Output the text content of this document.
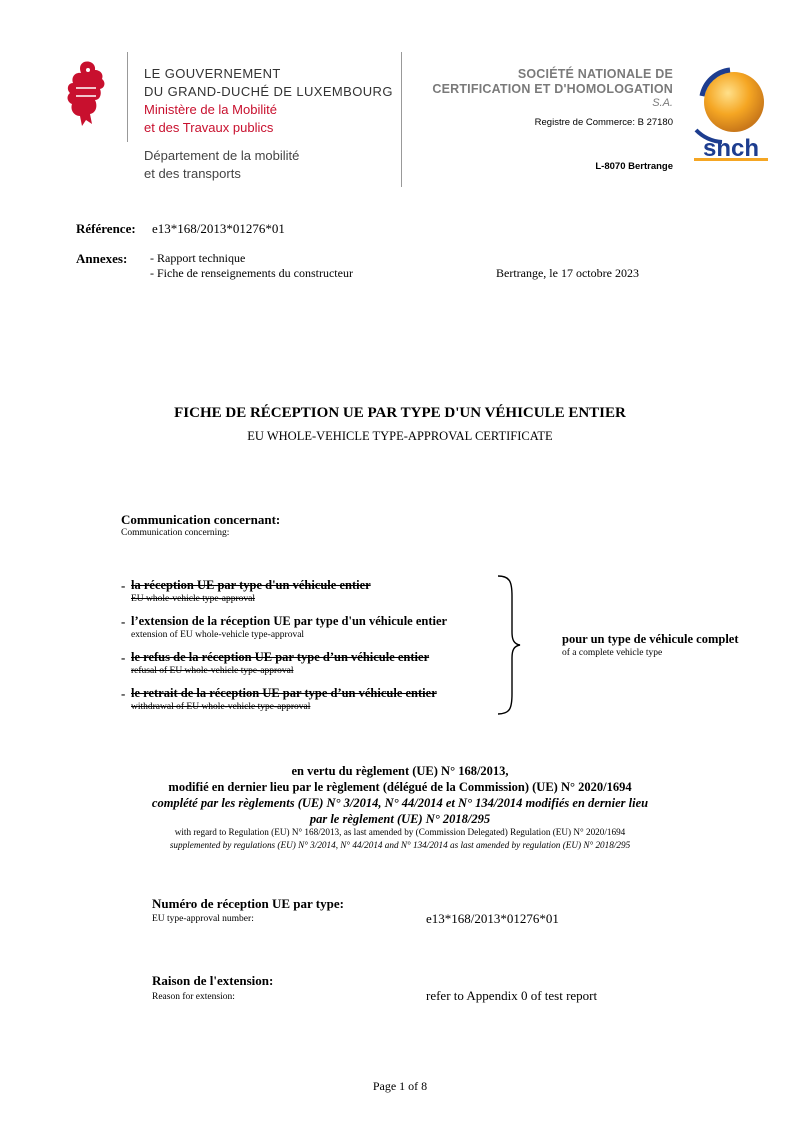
LE GOUVERNEMENT
DU GRAND-DUCHÉ DE LUXEMBOURG
Ministère de la Mobilité
et des Travaux publics
Département de la mobilité
et des transports
SOCIÉTÉ NATIONALE DE
CERTIFICATION ET D'HOMOLOGATION
S.A.
Registre de Commerce: B 27180
L-8070 Bertrange
snch
Référence: e13*168/2013*01276*01
Annexes: - Rapport technique
- Fiche de renseignements du constructeur	Bertrange, le 17 octobre 2023
FICHE DE RÉCEPTION UE PAR TYPE D'UN VÉHICULE ENTIER
EU WHOLE-VEHICLE TYPE-APPROVAL CERTIFICATE
Communication concernant:
Communication concerning:
- la réception UE par type d'un véhicule entier
EU whole-vehicle type-approval
- l’extension de la réception UE par type d'un véhicule entier
extension of EU whole-vehicle type-approval
- le refus de la réception UE par type d’un véhicule entier
refusal of EU whole-vehicle type-approval
- le retrait de la réception UE par type d’un véhicule entier
withdrawal of EU whole-vehicle type-approval
pour un type de véhicule complet
of a complete vehicle type
en vertu du règlement (UE) N° 168/2013,
modifié en dernier lieu par le règlement (délégué de la Commission) (UE) N° 2020/1694
complété par les règlements (UE) N° 3/2014, N° 44/2014 et N° 134/2014 modifiés en dernier lieu
par le règlement (UE) N° 2018/295
with regard to Regulation (EU) N° 168/2013, as last amended by (Commission Delegated) Regulation (EU) N° 2020/1694
supplemented by regulations (EU) N° 3/2014, N° 44/2014 and N° 134/2014 as last amended by regulation (EU) N° 2018/295
Numéro de réception UE par type:
EU type-approval number:	e13*168/2013*01276*01
Raison de l'extension:
Reason for extension:	refer to Appendix 0 of test report
Page 1 of 8
